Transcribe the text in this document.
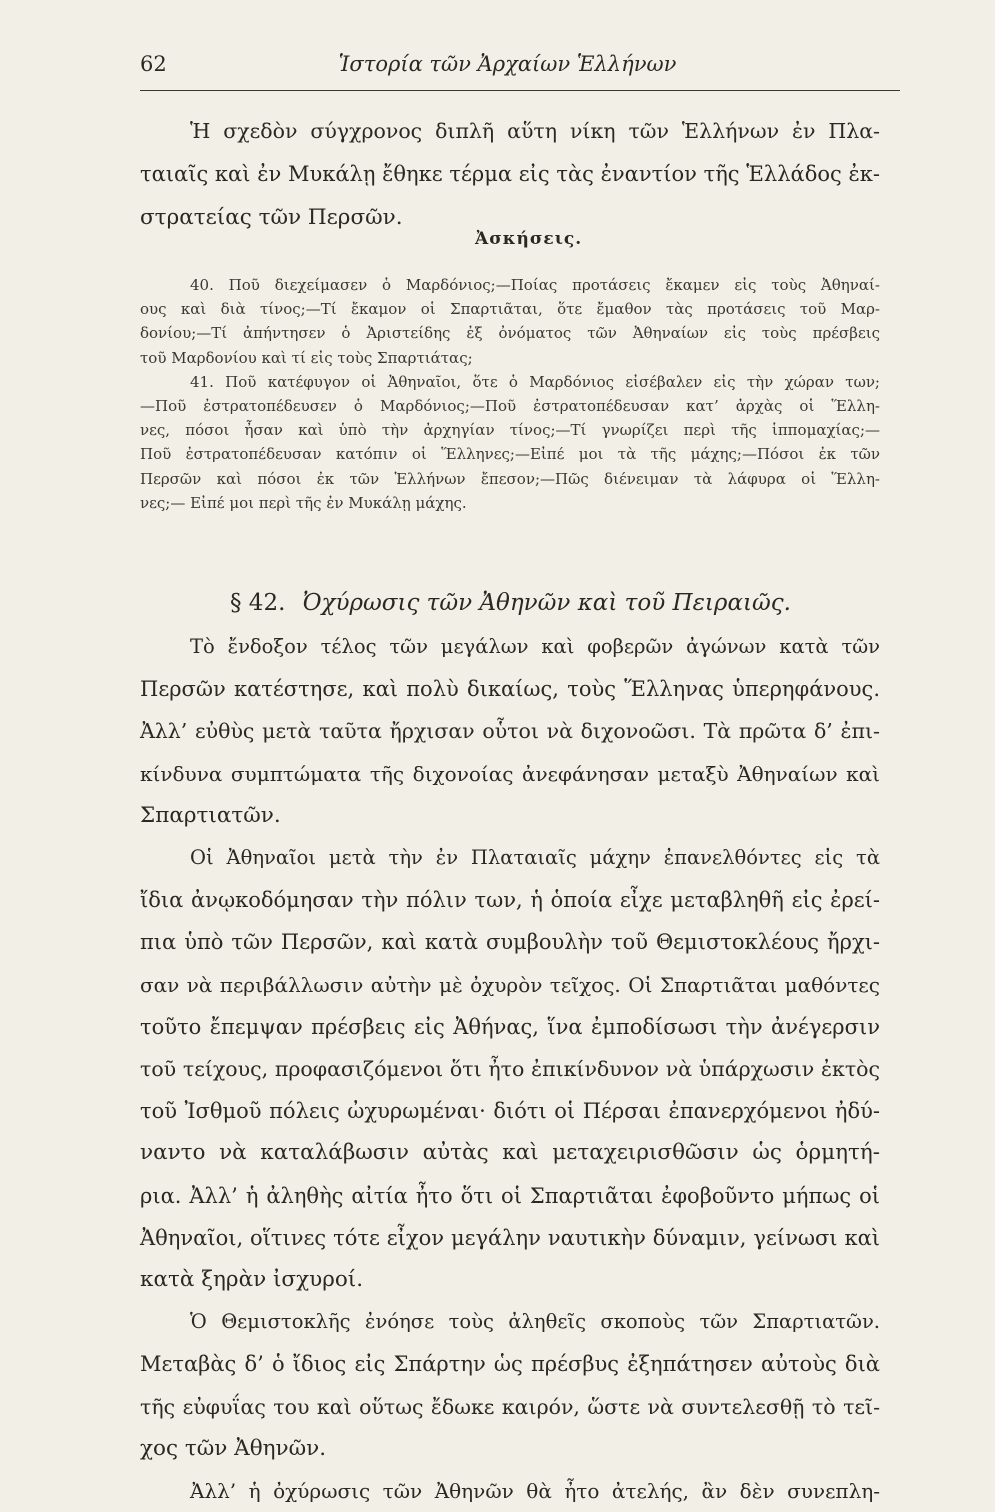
62	Ἱστορία τῶν Ἀρχαίων Ἑλλήνων
Ἡ σχεδὸν σύγχρονος διπλῆ αὕτη νίκη τῶν Ἑλλήνων ἐν Πλα-
ταιαῖς καὶ ἐν Μυκάλῃ ἔθηκε τέρμα εἰς τὰς ἐναντίον τῆς Ἑλλάδος ἐκ-
στρατείας τῶν Περσῶν.
Ἀσκήσεις.
40. Ποῦ διεχείμασεν ὁ Μαρδόνιος;—Ποίας προτάσεις ἔκαμεν εἰς τοὺς Ἀθηναί-
ους καὶ διὰ τίνος;—Τί ἔκαμον οἱ Σπαρτιᾶται, ὅτε ἔμαθον τὰς προτάσεις τοῦ Μαρ-
δονίου;—Τί ἀπήντησεν ὁ Ἀριστείδης ἐξ ὀνόματος τῶν Ἀθηναίων εἰς τοὺς πρέσβεις
τοῦ Μαρδονίου καὶ τί εἰς τοὺς Σπαρτιάτας;
41. Ποῦ κατέφυγον οἱ Ἀθηναῖοι, ὅτε ὁ Μαρδόνιος εἰσέβαλεν εἰς τὴν χώραν των;
—Ποῦ ἐστρατοπέδευσεν ὁ Μαρδόνιος;—Ποῦ ἐστρατοπέδευσαν κατ’ ἀρχὰς οἱ Ἕλλη-
νες, πόσοι ἦσαν καὶ ὑπὸ τὴν ἀρχηγίαν τίνος;—Τί γνωρίζει περὶ τῆς ἱππομαχίας;—
Ποῦ ἐστρατοπέδευσαν κατόπιν οἱ Ἕλληνες;—Εἰπέ μοι τὰ τῆς μάχης;—Πόσοι ἐκ τῶν
Περσῶν καὶ πόσοι ἐκ τῶν Ἑλλήνων ἔπεσον;—Πῶς διένειμαν τὰ λάφυρα οἱ Ἕλλη-
νες;— Εἰπέ μοι περὶ τῆς ἐν Μυκάλῃ μάχης.
§ 42. Ὀχύρωσις τῶν Ἀθηνῶν καὶ τοῦ Πειραιῶς.
Τὸ ἔνδοξον τέλος τῶν μεγάλων καὶ φοβερῶν ἀγώνων κατὰ τῶν
Περσῶν κατέστησε, καὶ πολὺ δικαίως, τοὺς Ἕλληνας ὑπερηφάνους.
Ἀλλ’ εὐθὺς μετὰ ταῦτα ἤρχισαν οὗτοι νὰ διχονοῶσι. Τὰ πρῶτα δ’ ἐπι-
κίνδυνα συμπτώματα τῆς διχονοίας ἀνεφάνησαν μεταξὺ Ἀθηναίων καὶ
Σπαρτιατῶν.
Οἱ Ἀθηναῖοι μετὰ τὴν ἐν Πλαταιαῖς μάχην ἐπανελθόντες εἰς τὰ
ἴδια ἀνῳκοδόμησαν τὴν πόλιν των, ἡ ὁποία εἶχε μεταβληθῆ εἰς ἐρεί-
πια ὑπὸ τῶν Περσῶν, καὶ κατὰ συμβουλὴν τοῦ Θεμιστοκλέους ἤρχι-
σαν νὰ περιβάλλωσιν αὐτὴν μὲ ὀχυρὸν τεῖχος. Οἱ Σπαρτιᾶται μαθόντες
τοῦτο ἔπεμψαν πρέσβεις εἰς Ἀθήνας, ἵνα ἐμποδίσωσι τὴν ἀνέγερσιν
τοῦ τείχους, προφασιζόμενοι ὅτι ἦτο ἐπικίνδυνον νὰ ὑπάρχωσιν ἐκτὸς
τοῦ Ἰσθμοῦ πόλεις ὠχυρωμέναι· διότι οἱ Πέρσαι ἐπανερχόμενοι ἠδύ-
ναντο νὰ καταλάβωσιν αὐτὰς καὶ μεταχειρισθῶσιν ὡς ὁρμητή-
ρια. Ἀλλ’ ἡ ἀληθὴς αἰτία ἦτο ὅτι οἱ Σπαρτιᾶται ἐφοβοῦντο μήπως οἱ
Ἀθηναῖοι, οἵτινες τότε εἶχον μεγάλην ναυτικὴν δύναμιν, γείνωσι καὶ
κατὰ ξηρὰν ἰσχυροί.
Ὁ Θεμιστοκλῆς ἐνόησε τοὺς ἀληθεῖς σκοποὺς τῶν Σπαρτιατῶν.
Μεταβὰς δ’ ὁ ἴδιος εἰς Σπάρτην ὡς πρέσβυς ἐξηπάτησεν αὐτοὺς διὰ
τῆς εὐφυΐας του καὶ οὕτως ἔδωκε καιρόν, ὥστε νὰ συντελεσθῇ τὸ τεῖ-
χος τῶν Ἀθηνῶν.
Ἀλλ’ ἡ ὀχύρωσις τῶν Ἀθηνῶν θὰ ἦτο ἀτελής, ἂν δὲν συνεπλη-
